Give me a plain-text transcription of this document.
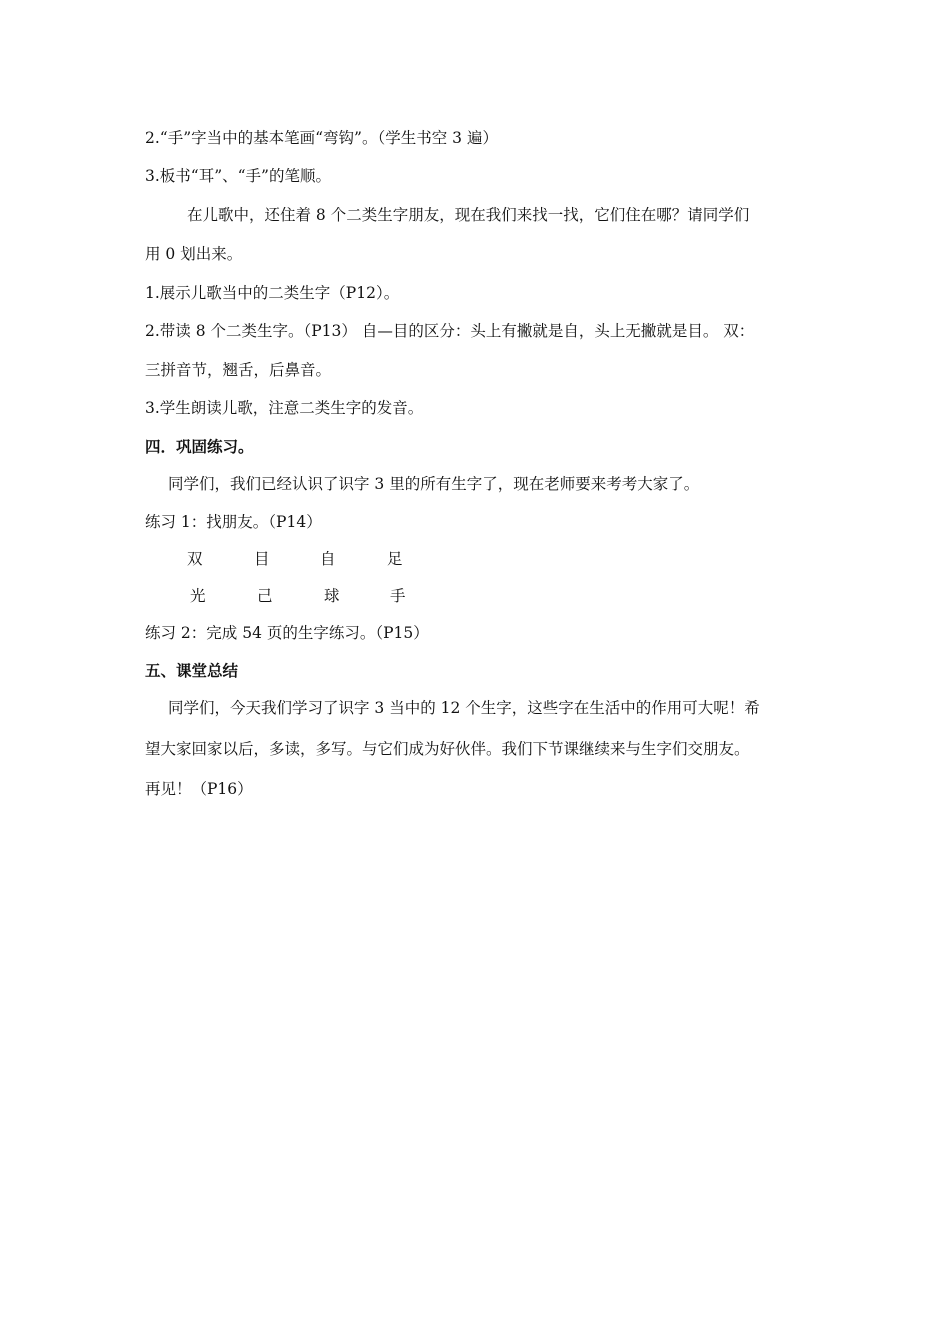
2.“手”字当中的基本笔画“弯钩”。（学生书空 3 遍）

3.板书“耳”、“手”的笔顺。

在儿歌中，还住着 8 个二类生字朋友，现在我们来找一找，它们住在哪？请同学们

用 0 划出来。

1.展示儿歌当中的二类生字（P12）。

2.带读 8 个二类生字。（P13） 自—目的区分：头上有撇就是自，头上无撇就是目。 双：

三拼音节，翘舌，后鼻音。

3.学生朗读儿歌，注意二类生字的发音。

四．巩固练习。

同学们，我们已经认识了识字 3 里的所有生字了，现在老师要来考考大家了。

练习 1：找朋友。（P14）

双	目	自	足
光	己	球	手

练习 2：完成 54 页的生字练习。（P15）

五、课堂总结

同学们，今天我们学习了识字 3 当中的 12 个生字，这些字在生活中的作用可大呢！希

望大家回家以后，多读，多写。与它们成为好伙伴。我们下节课继续来与生字们交朋友。

再见！（P16）
